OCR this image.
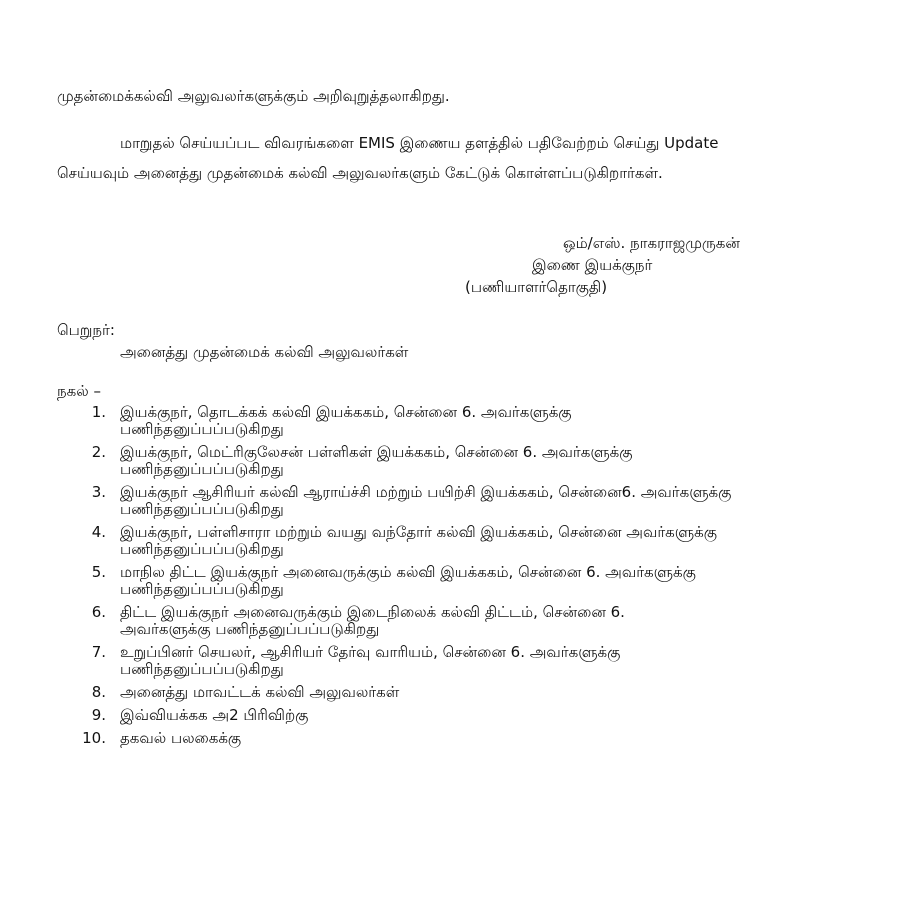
முதன்மைக்கல்வி அலுவலர்களுக்கும் அறிவுறுத்தலாகிறது.
மாறுதல் செய்யப்பட விவரங்களை EMIS இணைய தளத்தில் பதிவேற்றம் செய்து Update
செய்யவும் அனைத்து முதன்மைக் கல்வி அலுவலர்களும் கேட்டுக் கொள்ளப்படுகிறார்கள்.
ஒம்/எஸ். நாகராஜமுருகன்
இணை இயக்குநர்
(பணியாளர்தொகுதி)
பெறுநர்:
அனைத்து முதன்மைக் கல்வி அலுவலர்கள்
நகல் –
1. இயக்குநர், தொடக்கக் கல்வி இயக்ககம், சென்னை 6. அவர்களுக்கு
பணிந்தனுப்பப்படுகிறது
2. இயக்குநர், மெட்ரிகுலேசன் பள்ளிகள் இயக்ககம், சென்னை 6. அவர்களுக்கு
பணிந்தனுப்பப்படுகிறது
3. இயக்குநர் ஆசிரியர் கல்வி ஆராய்ச்சி மற்றும் பயிற்சி இயக்ககம், சென்னை6. அவர்களுக்கு
பணிந்தனுப்பப்படுகிறது
4. இயக்குநர், பள்ளிசாரா மற்றும் வயது வந்தோர் கல்வி இயக்ககம், சென்னை அவர்களுக்கு
பணிந்தனுப்பப்படுகிறது
5. மாநில திட்ட இயக்குநர் அனைவருக்கும் கல்வி இயக்ககம், சென்னை 6. அவர்களுக்கு
பணிந்தனுப்பப்படுகிறது
6. திட்ட இயக்குநர் அனைவருக்கும் இடைநிலைக் கல்வி திட்டம், சென்னை 6.
அவர்களுக்கு பணிந்தனுப்பப்படுகிறது
7. உறுப்பினர் செயலர், ஆசிரியர் தேர்வு வாரியம், சென்னை 6. அவர்களுக்கு
பணிந்தனுப்பப்படுகிறது
8. அனைத்து மாவட்டக் கல்வி அலுவலர்கள்
9. இவ்வியக்கக அ2 பிரிவிற்கு
10. தகவல் பலகைக்கு
